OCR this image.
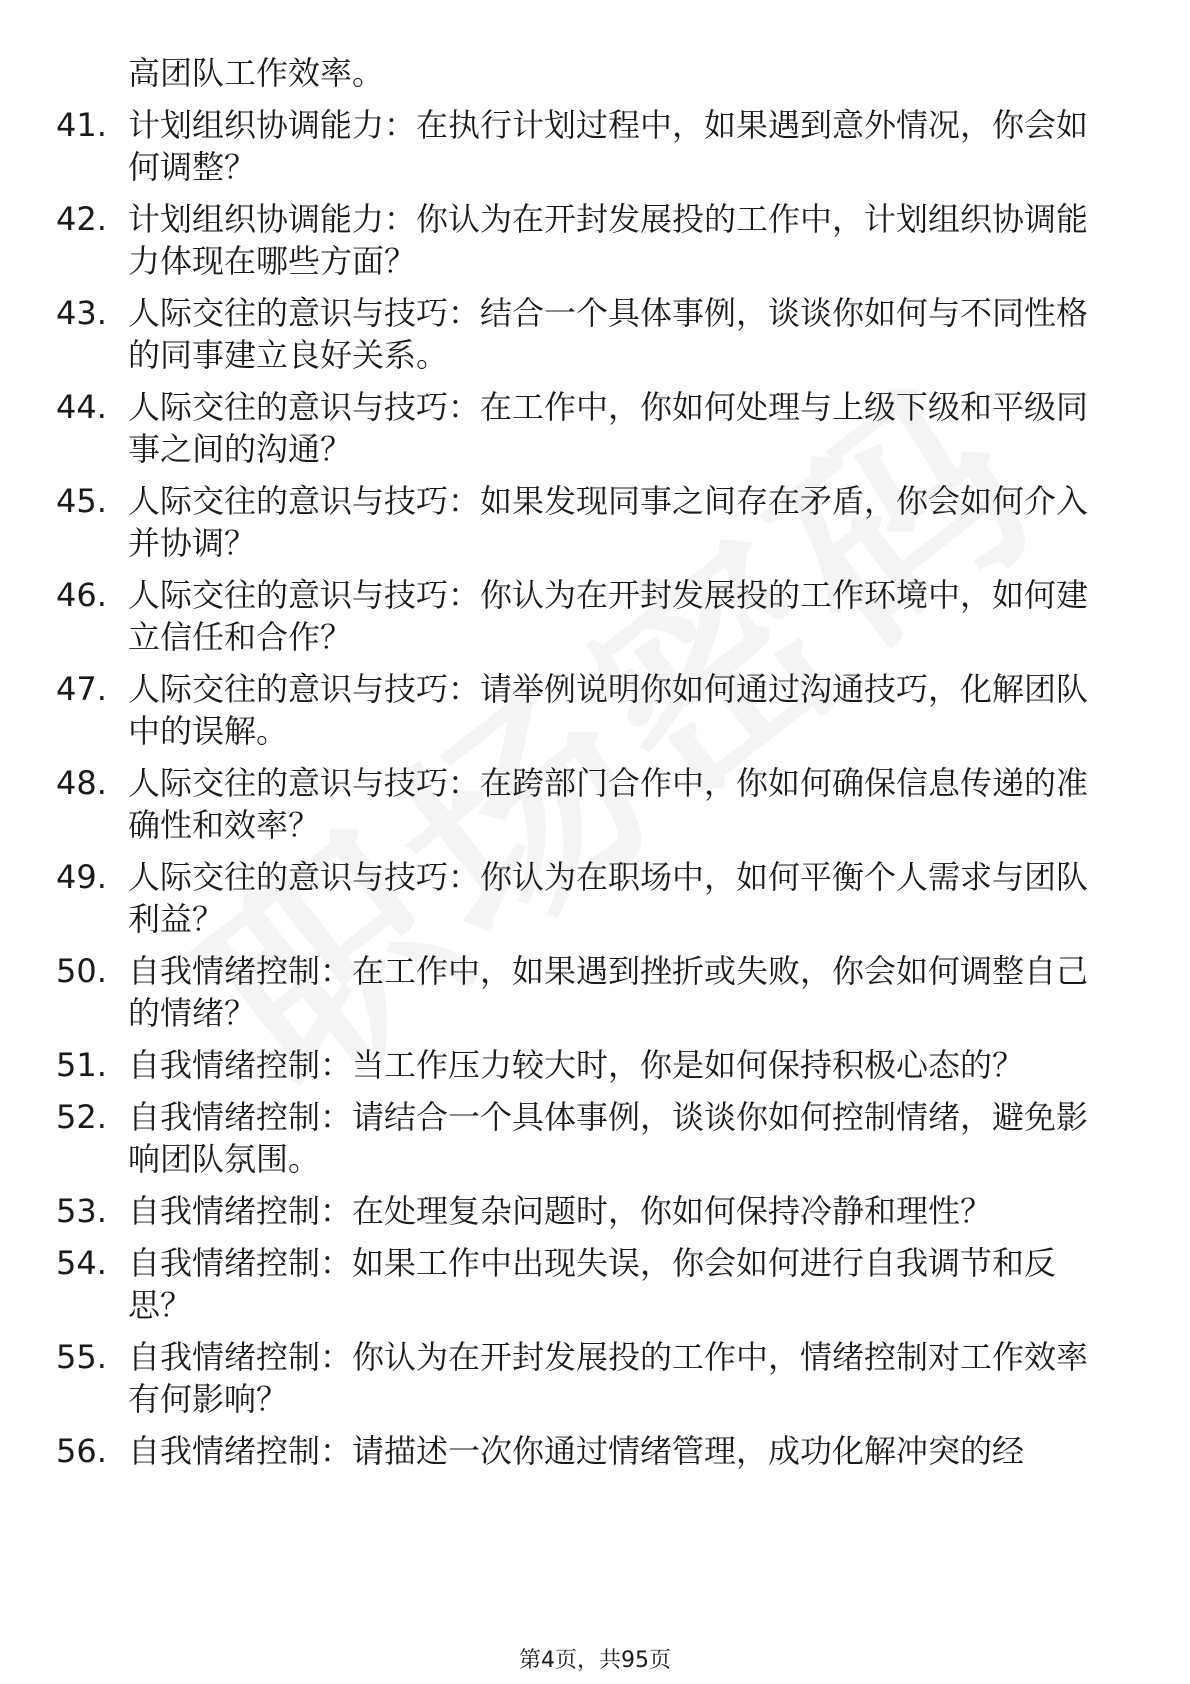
高团队工作效率。
41. 计划组织协调能力：在执行计划过程中，如果遇到意外情况，你会如何调整？
42. 计划组织协调能力：你认为在开封发展投的工作中，计划组织协调能力体现在哪些方面？
43. 人际交往的意识与技巧：结合一个具体事例，谈谈你如何与不同性格的同事建立良好关系。
44. 人际交往的意识与技巧：在工作中，你如何处理与上级下级和平级同事之间的沟通？
45. 人际交往的意识与技巧：如果发现同事之间存在矛盾，你会如何介入并协调？
46. 人际交往的意识与技巧：你认为在开封发展投的工作环境中，如何建立信任和合作？
47. 人际交往的意识与技巧：请举例说明你如何通过沟通技巧，化解团队中的误解。
48. 人际交往的意识与技巧：在跨部门合作中，你如何确保信息传递的准确性和效率？
49. 人际交往的意识与技巧：你认为在职场中，如何平衡个人需求与团队利益？
50. 自我情绪控制：在工作中，如果遇到挫折或失败，你会如何调整自己的情绪？
51. 自我情绪控制：当工作压力较大时，你是如何保持积极心态的？
52. 自我情绪控制：请结合一个具体事例，谈谈你如何控制情绪，避免影响团队氛围。
53. 自我情绪控制：在处理复杂问题时，你如何保持冷静和理性？
54. 自我情绪控制：如果工作中出现失误，你会如何进行自我调节和反思？
55. 自我情绪控制：你认为在开封发展投的工作中，情绪控制对工作效率有何影响？
56. 自我情绪控制：请描述一次你通过情绪管理，成功化解冲突的经
第4页，共95页
